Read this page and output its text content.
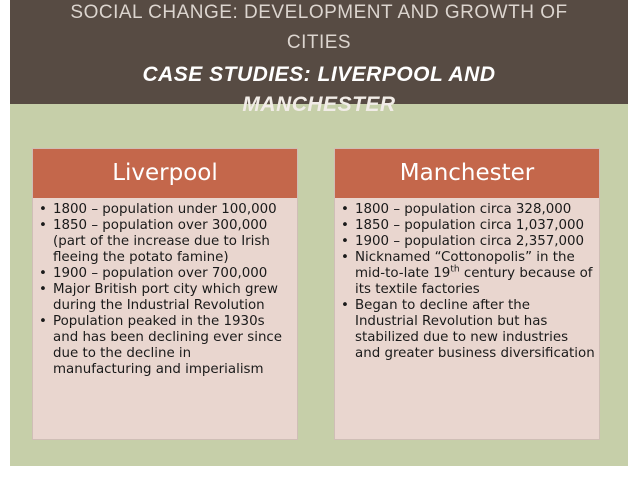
SOCIAL CHANGE: DEVELOPMENT AND GROWTH OF
CITIES
CASE STUDIES: LIVERPOOL AND
MANCHESTER
Liverpool
• 1800 – population under 100,000
• 1850 – population over 300,000 (part of the increase due to Irish fleeing the potato famine)
• 1900 – population over 700,000
• Major British port city which grew during the Industrial Revolution
• Population peaked in the 1930s and has been declining ever since due to the decline in manufacturing and imperialism
Manchester
• 1800 – population circa 328,000
• 1850 – population circa 1,037,000
• 1900 – population circa 2,357,000
• Nicknamed “Cottonopolis” in the mid-to-late 19th century because of its textile factories
• Began to decline after the Industrial Revolution but has stabilized due to new industries and greater business diversification
